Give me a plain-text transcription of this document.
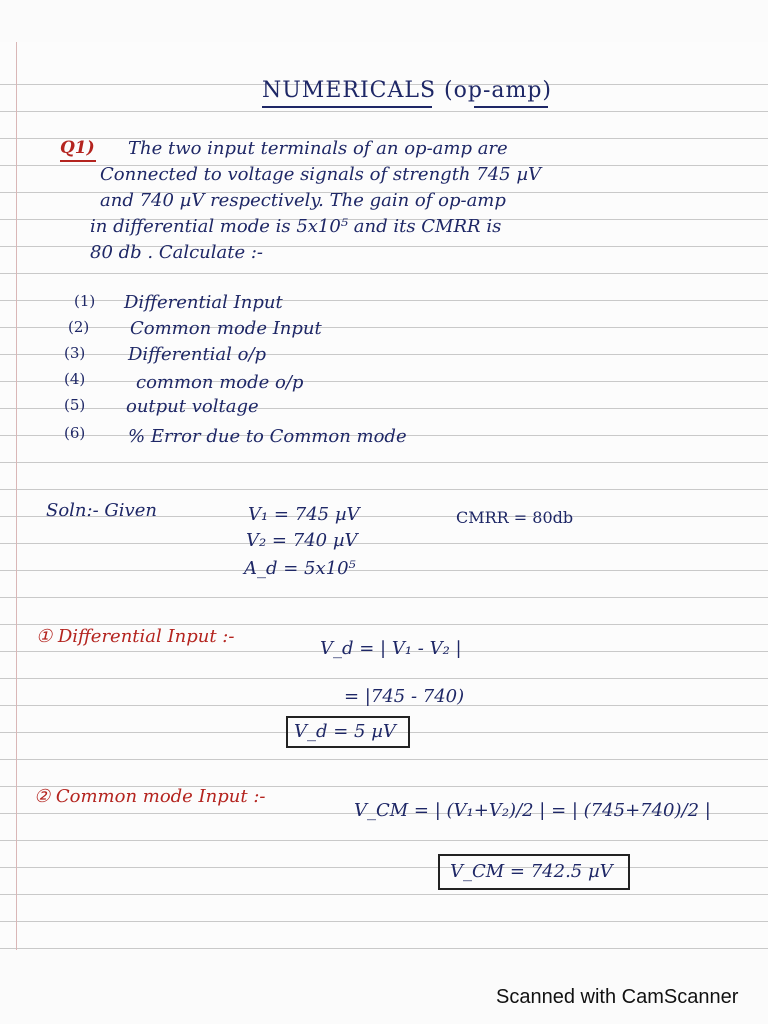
NUMERICALS (op-amp)
Q1) The two input terminals of an op-amp are
Connected to voltage signals of strength 745 µV
and 740 µV respectively. The gain of op-amp
in differential mode is 5x10⁵ and its CMRR is
80 db . Calculate :-
(1) Differential Input
(2) Common mode Input
(3) Differential o/p
(4)	common mode o/p
(5) output voltage
(6) % Error due to Common mode
Soln:- Given	V₁ = 745 µV	CMRR = 80db
V₂ = 740 µV
A_d = 5x10⁵
① Differential Input :-
V_d = | V₁ - V₂ |
= |745 - 740)
V_d = 5 µV
② Common mode Input :-
V_CM = | (V₁+V₂)/2 | = | (745+740)/2 |
V_CM = 742.5 µV
Scanned with CamScanner
